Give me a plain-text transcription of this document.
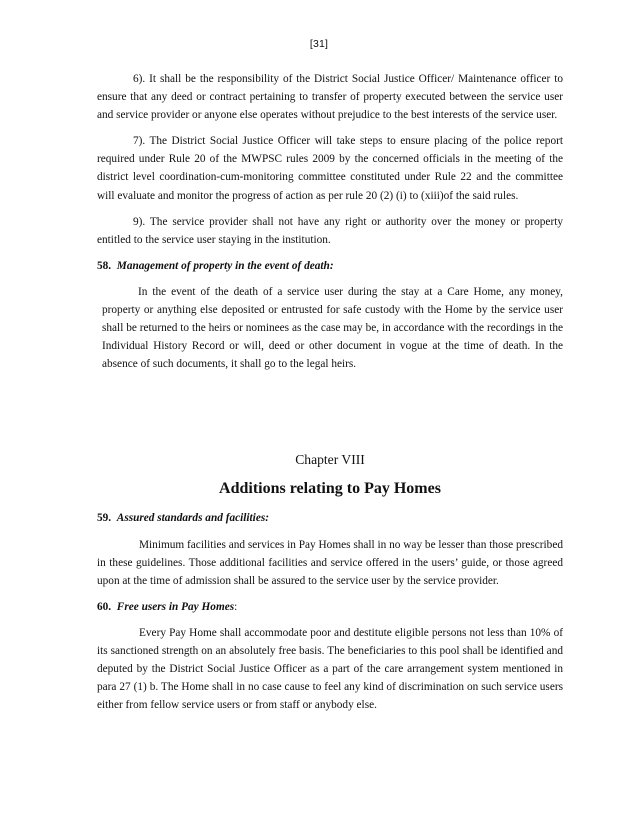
[31]

6). It shall be the responsibility of the District Social Justice Officer/ Maintenance officer to ensure that any deed or contract pertaining to transfer of property executed between the service user and service provider or anyone else operates without prejudice to the best interests of the service user.

7). The District Social Justice Officer will take steps to ensure placing of the police report required under Rule 20 of the MWPSC rules 2009 by the concerned officials in the meeting of the district level coordination-cum-monitoring committee constituted under Rule 22 and the committee will evaluate and monitor the progress of action as per rule 20 (2) (i) to (xiii)of the said rules.

9). The service provider shall not have any right or authority over the money or property entitled to the service user staying in the institution.

58. Management of property in the event of death:

In the event of the death of a service user during the stay at a Care Home, any money, property or anything else deposited or entrusted for safe custody with the Home by the service user shall be returned to the heirs or nominees as the case may be, in accordance with the recordings in the Individual History Record or will, deed or other document in vogue at the time of death. In the absence of such documents, it shall go to the legal heirs.

Chapter VIII
Additions relating to Pay Homes

59. Assured standards and facilities:

Minimum facilities and services in Pay Homes shall in no way be lesser than those prescribed in these guidelines. Those additional facilities and service offered in the users’ guide, or those agreed upon at the time of admission shall be assured to the service user by the service provider.

60. Free users in Pay Homes:

Every Pay Home shall accommodate poor and destitute eligible persons not less than 10% of its sanctioned strength on an absolutely free basis. The beneficiaries to this pool shall be identified and deputed by the District Social Justice Officer as a part of the care arrangement system mentioned in para 27 (1) b. The Home shall in no case cause to feel any kind of discrimination on such service users either from fellow service users or from staff or anybody else.
